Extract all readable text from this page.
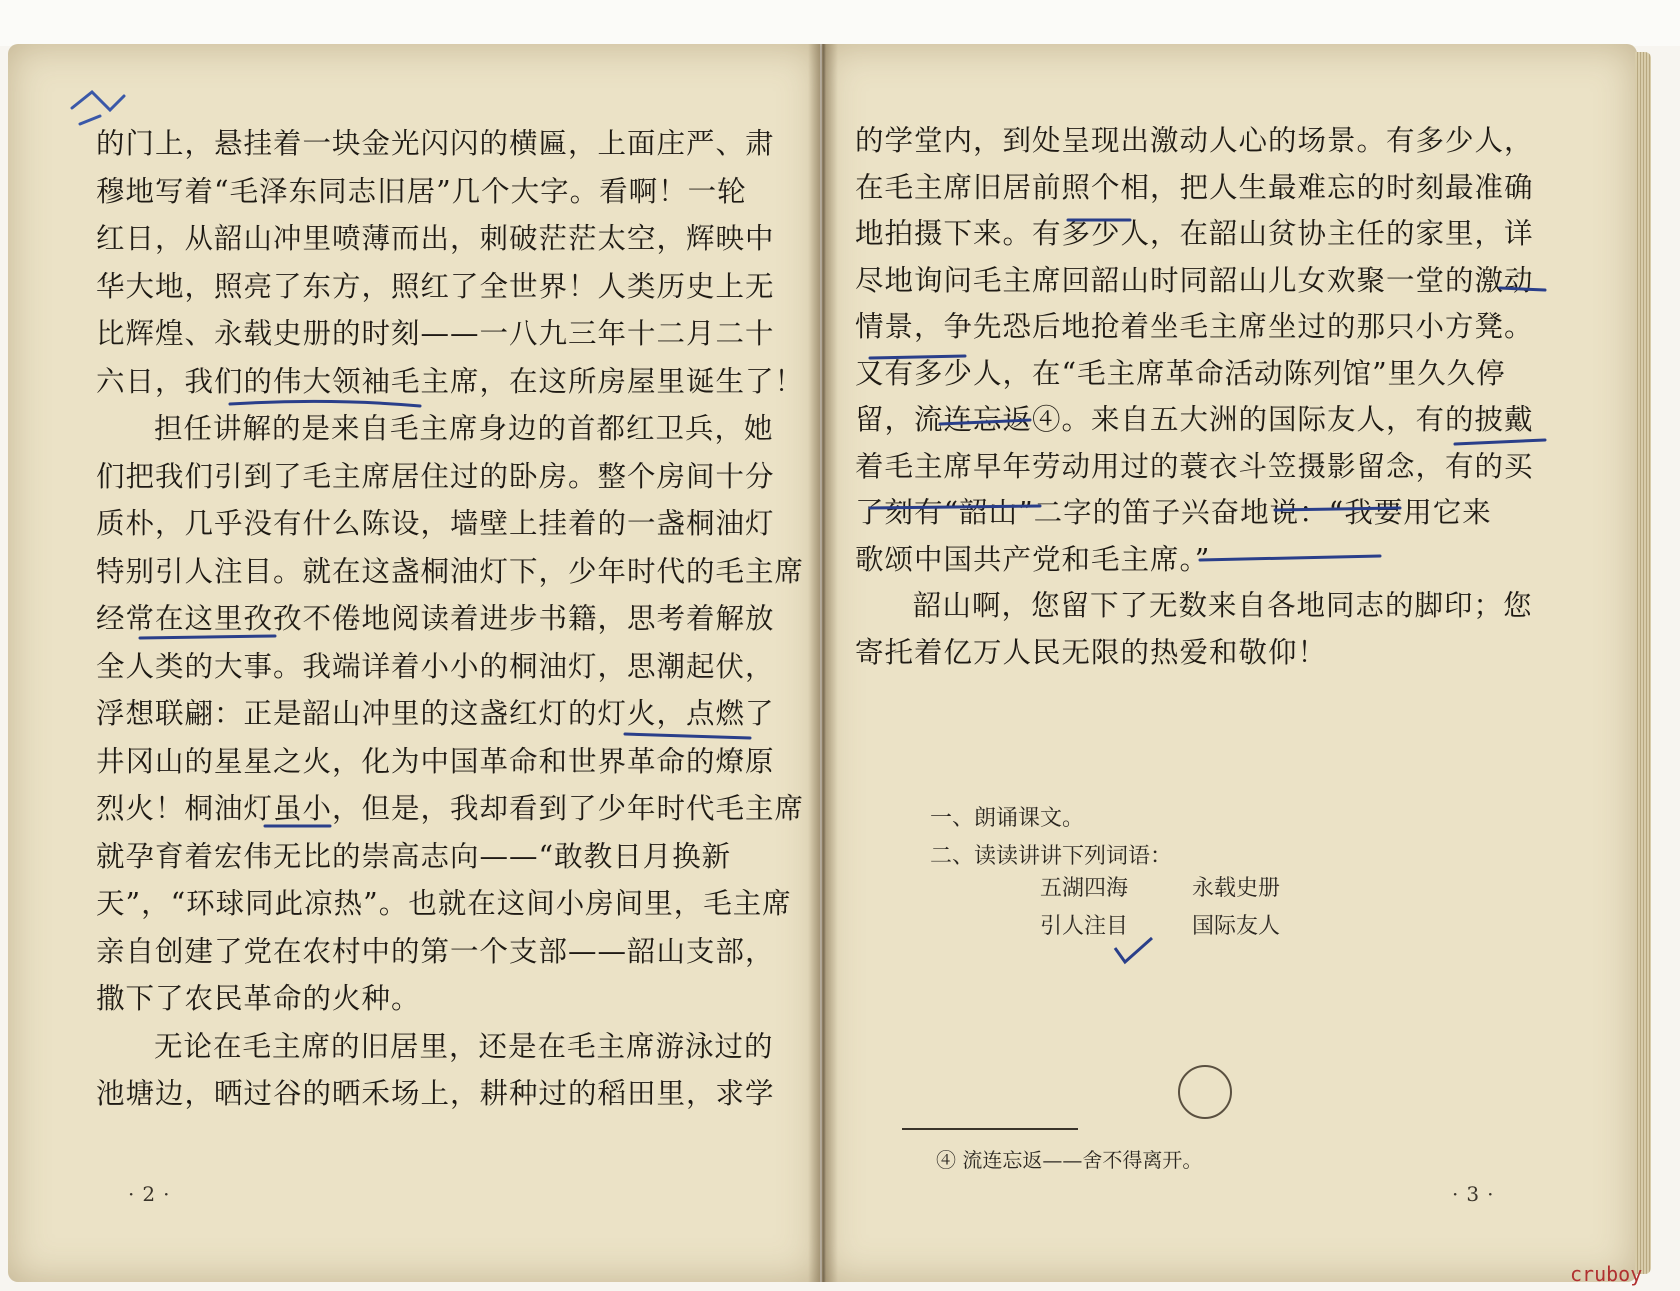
的门上，悬挂着一块金光闪闪的横匾，上面庄严、肃
穆地写着“毛泽东同志旧居”几个大字。看啊！一轮
红日，从韶山冲里喷薄而出，刺破茫茫太空，辉映中
华大地，照亮了东方，照红了全世界！人类历史上无
比辉煌、永载史册的时刻——一八九三年十二月二十
六日，我们的伟大领袖毛主席，在这所房屋里诞生了！
担任讲解的是来自毛主席身边的首都红卫兵，她
们把我们引到了毛主席居住过的卧房。整个房间十分
质朴，几乎没有什么陈设，墙壁上挂着的一盏桐油灯
特别引人注目。就在这盏桐油灯下，少年时代的毛主席
经常在这里孜孜不倦地阅读着进步书籍，思考着解放
全人类的大事。我端详着小小的桐油灯，思潮起伏，
浮想联翩：正是韶山冲里的这盏红灯的灯火，点燃了
井冈山的星星之火，化为中国革命和世界革命的燎原
烈火！桐油灯虽小，但是，我却看到了少年时代毛主席
就孕育着宏伟无比的崇高志向——“敢教日月换新
天”，“环球同此凉热”。也就在这间小房间里，毛主席
亲自创建了党在农村中的第一个支部——韶山支部，
撒下了农民革命的火种。
无论在毛主席的旧居里，还是在毛主席游泳过的
池塘边，晒过谷的晒禾场上，耕种过的稻田里，求学
的学堂内，到处呈现出激动人心的场景。有多少人，
在毛主席旧居前照个相，把人生最难忘的时刻最准确
地拍摄下来。有多少人，在韶山贫协主任的家里，详
尽地询问毛主席回韶山时同韶山儿女欢聚一堂的激动
情景，争先恐后地抢着坐毛主席坐过的那只小方凳。
又有多少人，在“毛主席革命活动陈列馆”里久久停
留，流连忘返④。来自五大洲的国际友人，有的披戴
着毛主席早年劳动用过的蓑衣斗笠摄影留念，有的买
了刻有“韶山”二字的笛子兴奋地说：“我要用它来
歌颂中国共产党和毛主席。”
韶山啊，您留下了无数来自各地同志的脚印；您
寄托着亿万人民无限的热爱和敬仰！
一、朗诵课文。
二、读读讲讲下列词语：
五湖四海	永载史册
引人注目	国际友人
④ 流连忘返——舍不得离开。
·2·	·3·
cruboy
